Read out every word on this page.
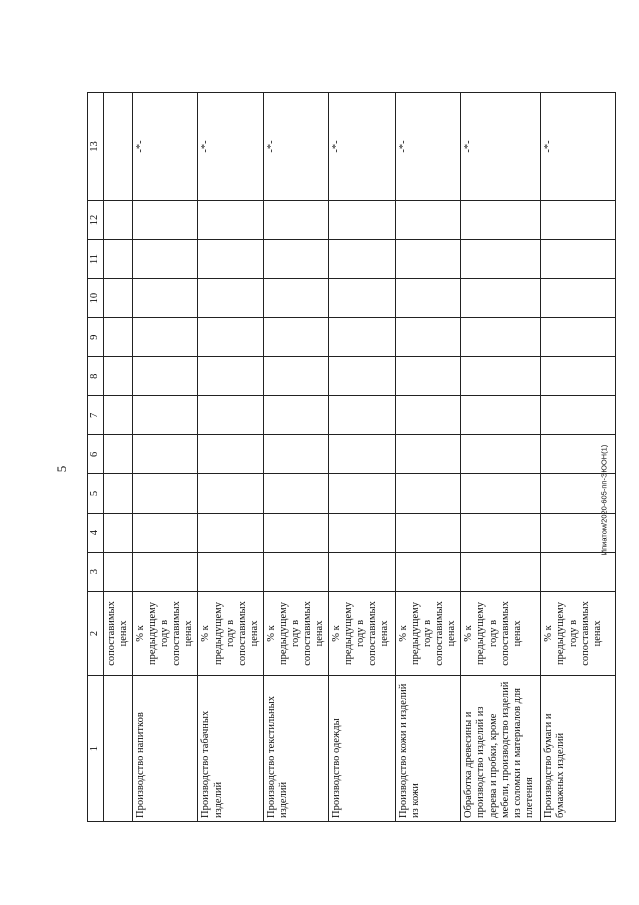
5	Ипиатом/2020-605-пп-ЭЮОН(1)
1	2	3	4	5	6	7	8	9	10	11	12	13
	сопоставимых ценах											
Производство напитков	% к предыдущему году в сопоставимых ценах											-*-
Производство табачных изделий	% к предыдущему году в сопоставимых ценах											-*-
Производство текстильных изделий	% к предыдущему году в сопоставимых ценах											-*-
Производство одежды	% к предыдущему году в сопоставимых ценах											-*-
Производство кожи и изделий из кожи	% к предыдущему году в сопоставимых ценах											-*-
Обработка древесины и производство изделий из дерева и пробки, кроме мебели, производство изделий из соломки и материалов для плетения	% к предыдущему году в сопоставимых ценах											-*-
Производство бумаги и бумажных изделий	% к предыдущему году в сопоставимых ценах											-*-
